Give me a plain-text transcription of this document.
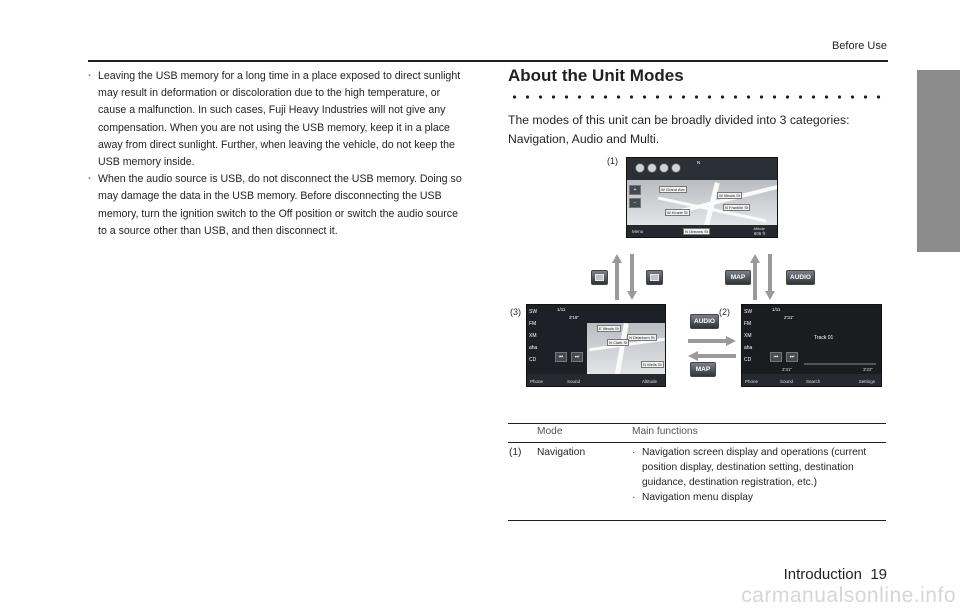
Before Use
· Leaving the USB memory for a long time in a place exposed to direct sunlight may result in deformation or discoloration due to the high temperature, or cause a malfunction. In such cases, Fuji Heavy Industries will not give any compensation. When you are not using the USB memory, keep it in a place away from direct sunlight. Further, when leaving the vehicle, do not keep the USB memory inside.
· When the audio source is USB, do not disconnect the USB memory. Doing so may damage the data in the USB memory. Before disconnecting the USB memory, turn the ignition switch to the Off position or switch the audio source to a source other than USB, and then disconnect it.
About the Unit Modes
The modes of this unit can be broadly divided into 3 categories: Navigation, Audio and Multi.
(1)
(2)
(3)
N
W Grand Ave
W Illinois St
N Franklin St
W Kinzie St
+
−
Menu	N Orleans St	Altitude
606 ft
MAP	AUDIO
1/11
3'19"
E Illinois St
N Dearborn St
N Clark St
N Wells St
SW
FM
XM
aha
CD	⏮	⏭
Phone	Sound	Altitude
1/11
2'31"
Track 01
2'31"	3'22"
SW
FM
XM
aha
CD	⏮	⏭
Phone	Sound	Search	Settings
AUDIO
MAP
Mode	Main functions
(1) Navigation
·	Navigation screen display and operations (current position display, destination setting, destination guidance, destination registration, etc.)
· Navigation menu display
Introduction 19
carmanualsonline.info
